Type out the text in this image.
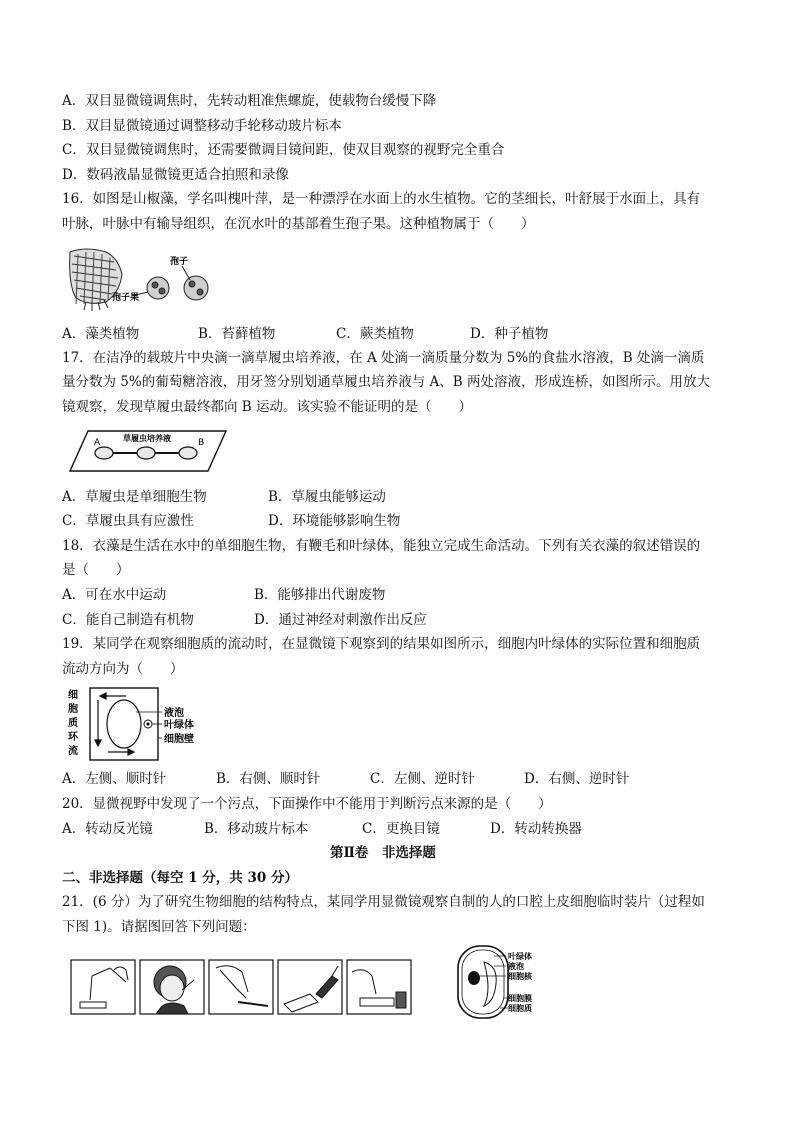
A．双目显微镜调焦时，先转动粗准焦螺旋，使载物台缓慢下降
B．双目显微镜通过调整移动手轮移动玻片标本
C．双目显微镜调焦时，还需要微调目镜间距，使双目观察的视野完全重合
D．数码液晶显微镜更适合拍照和录像
16．如图是山椒藻，学名叫槐叶萍，是一种漂浮在水面上的水生植物。它的茎细长，叶舒展于水面上，具有
叶脉，叶脉中有输导组织，在沉水叶的基部着生孢子果。这种植物属于（　　）
孢子
孢子果
A．藻类植物	B．苔藓植物	C．蕨类植物	D．种子植物
17．在洁净的载玻片中央滴一滴草履虫培养液，在 A 处滴一滴质量分数为 5%的食盐水溶液，B 处滴一滴质
量分数为 5%的葡萄糖溶液，用牙签分别划通草履虫培养液与 A、B 两处溶液，形成连桥，如图所示。用放大
镜观察，发现草履虫最终都向 B 运动。该实验不能证明的是（　　）
草履虫培养液
A	B
A．草履虫是单细胞生物	B．草履虫能够运动
C．草履虫具有应激性	D．环境能够影响生物
18．衣藻是生活在水中的单细胞生物，有鞭毛和叶绿体，能独立完成生命活动。下列有关衣藻的叙述错误的
是（　　）
A．可在水中运动	B．能够排出代谢废物
C．能自己制造有机物	D．通过神经对刺激作出反应
19．某同学在观察细胞质的流动时，在显微镜下观察到的结果如图所示，细胞内叶绿体的实际位置和细胞质
流动方向为（　　）
细
胞
质
环
流
液泡
叶绿体
细胞壁
A．左侧、顺时针	B．右侧、顺时针	C．左侧、逆时针	D．右侧、逆时针
20．显微视野中发现了一个污点，下面操作中不能用于判断污点来源的是（　　）
A．转动反光镜	B．移动玻片标本	C．更换目镜	D．转动转换器
第Ⅱ卷　非选择题
二、非选择题（每空 1 分，共 30 分）
21．(6 分）为了研究生物细胞的结构特点，某同学用显微镜观察自制的人的口腔上皮细胞临时装片（过程如
下图 1)。请据图回答下列问题：
叶绿体
液泡
细胞核
细胞膜
细胞质
